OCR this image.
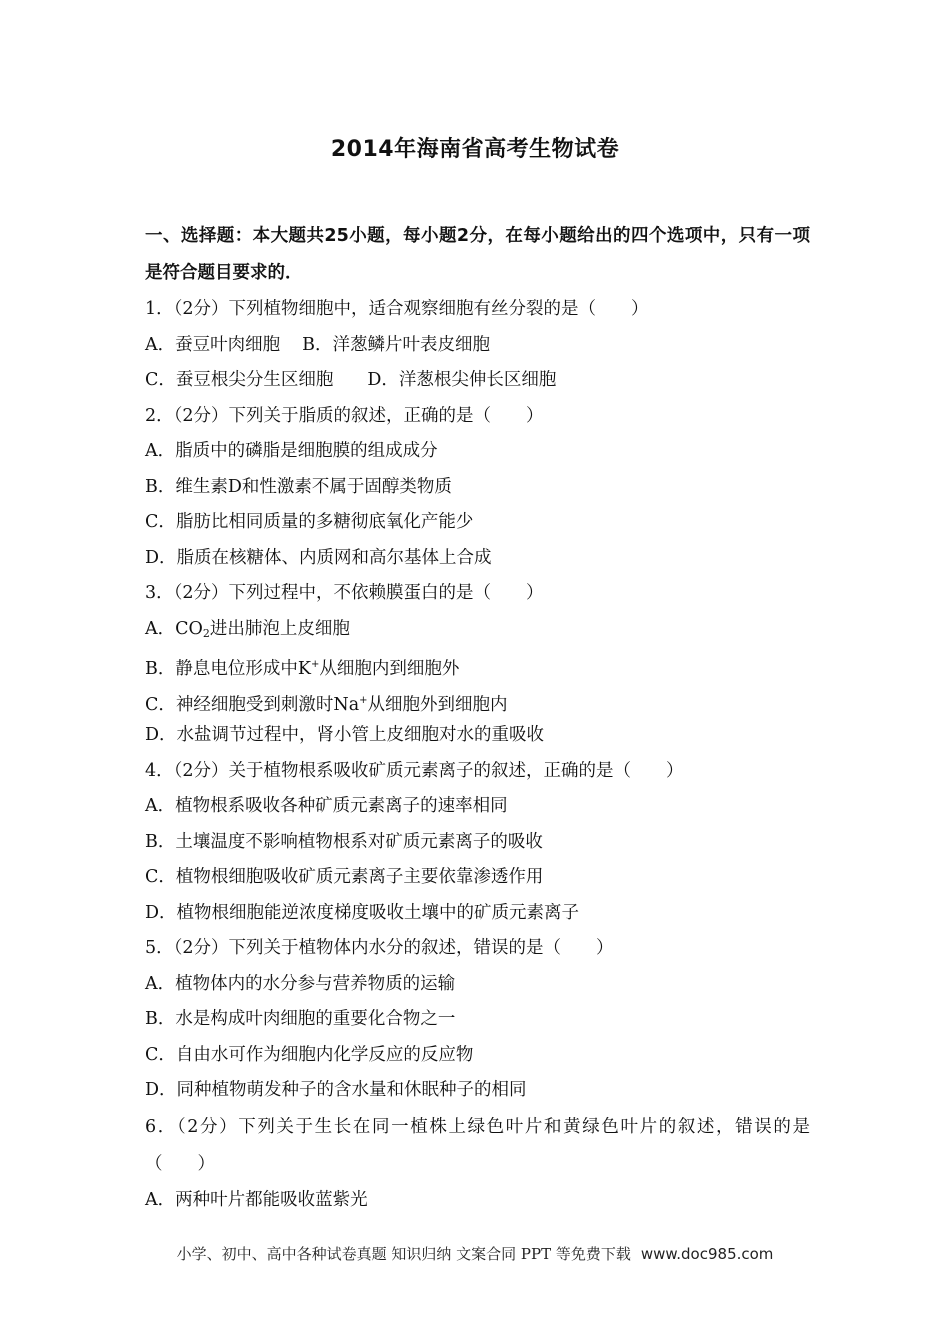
2014年海南省高考生物试卷
一、选择题：本大题共25小题，每小题2分，在每小题给出的四个选项中，只有一项是符合题目要求的．
1．（2分）下列植物细胞中，适合观察细胞有丝分裂的是（　　）
A．蚕豆叶肉细胞 B．洋葱鳞片叶表皮细胞
C．蚕豆根尖分生区细胞 D．洋葱根尖伸长区细胞
2．（2分）下列关于脂质的叙述，正确的是（　　）
A．脂质中的磷脂是细胞膜的组成成分
B．维生素D和性激素不属于固醇类物质
C．脂肪比相同质量的多糖彻底氧化产能少
D．脂质在核糖体、内质网和高尔基体上合成
3．（2分）下列过程中，不依赖膜蛋白的是（　　）
A．$CO_2$进出肺泡上皮细胞
B．静息电位形成中K+从细胞内到细胞外
C．神经细胞受到刺激时Na+从细胞外到细胞内
D．水盐调节过程中，肾小管上皮细胞对水的重吸收
4．（2分）关于植物根系吸收矿质元素离子的叙述，正确的是（　　）
A．植物根系吸收各种矿质元素离子的速率相同
B．土壤温度不影响植物根系对矿质元素离子的吸收
C．植物根细胞吸收矿质元素离子主要依靠渗透作用
D．植物根细胞能逆浓度梯度吸收土壤中的矿质元素离子
5．（2分）下列关于植物体内水分的叙述，错误的是（　　）
A．植物体内的水分参与营养物质的运输
B．水是构成叶肉细胞的重要化合物之一
C．自由水可作为细胞内化学反应的反应物
D．同种植物萌发种子的含水量和休眠种子的相同
6．（2分）下列关于生长在同一植株上绿色叶片和黄绿色叶片的叙述，错误的是（　　）
A．两种叶片都能吸收蓝紫光
小学、初中、高中各种试卷真题 知识归纳 文案合同 PPT 等免费下载 www.doc985.com
